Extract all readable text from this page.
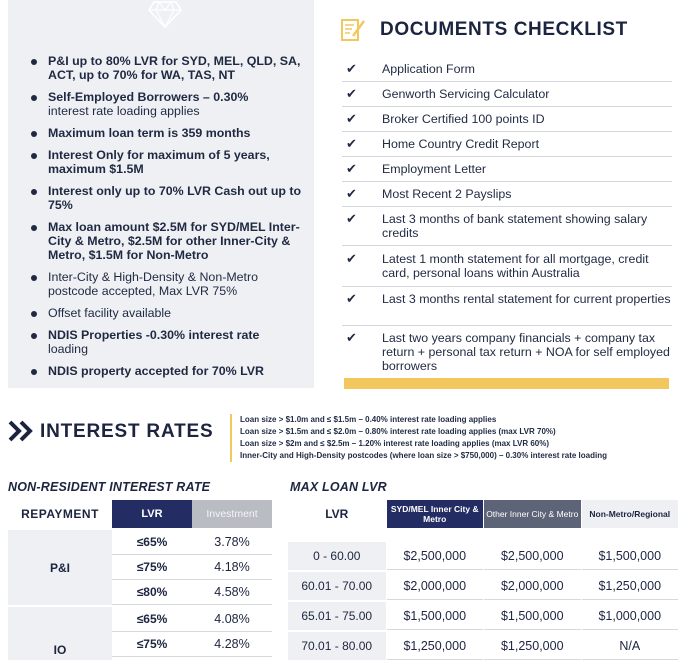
P&I up to 80% LVR for SYD, MEL, QLD, SA, ACT, up to 70% for WA, TAS, NT
Self-Employed Borrowers – 0.30%
interest rate loading applies
Maximum loan term is 359 months
Interest Only for maximum of 5 years, maximum $1.5M
Interest only up to 70% LVR Cash out up to 75%
Max loan amount $2.5M for SYD/MEL Inter-City & Metro, $2.5M for other Inner-City & Metro, $1.5M for Non-Metro
Inter-City & High-Density & Non-Metro postcode accepted, Max LVR 75%
Offset facility available
NDIS Properties -0.30% interest rate
loading
NDIS property accepted for 70% LVR
DOCUMENTS CHECKLIST
✔	Application Form
✔	Genworth Servicing Calculator
✔	Broker Certified 100 points ID
✔	Home Country Credit Report
✔	Employment Letter
✔	Most Recent 2 Payslips
✔	Last 3 months of bank statement showing salary credits
✔	Latest 1 month statement for all mortgage, credit card, personal loans within Australia
✔	Last 3 months rental statement for current properties
✔	Last two years company financials + company tax return + personal tax return + NOA for self employed borrowers
INTEREST RATES
Loan size > $1.0m and ≤ $1.5m – 0.40% interest rate loading applies
Loan size > $1.5m and ≤ $2.0m – 0.80% interest rate loading applies (max LVR 70%)
Loan size > $2m and ≤ $2.5m – 1.20% interest rate loading applies (max LVR 60%)
Inner-City and High-Density postcodes (where loan size > $750,000) – 0.30% interest rate loading
NON-RESIDENT INTEREST RATE	MAX LOAN LVR
REPAYMENT	LVR	Investment
P&I
≤65%	3.78%
≤75%	4.18%
≤80%	4.58%
IO
≤65%	4.08%
≤75%	4.28%
LVR	SYD/MEL Inner City & Metro	Other Inner City & Metro	Non-Metro/Regional
0 - 60.00	$2,500,000	$2,500,000	$1,500,000
60.01 - 70.00	$2,000,000	$2,000,000	$1,250,000
65.01 - 75.00	$1,500,000	$1,500,000	$1,000,000
70.01 - 80.00	$1,250,000	$1,250,000	N/A
